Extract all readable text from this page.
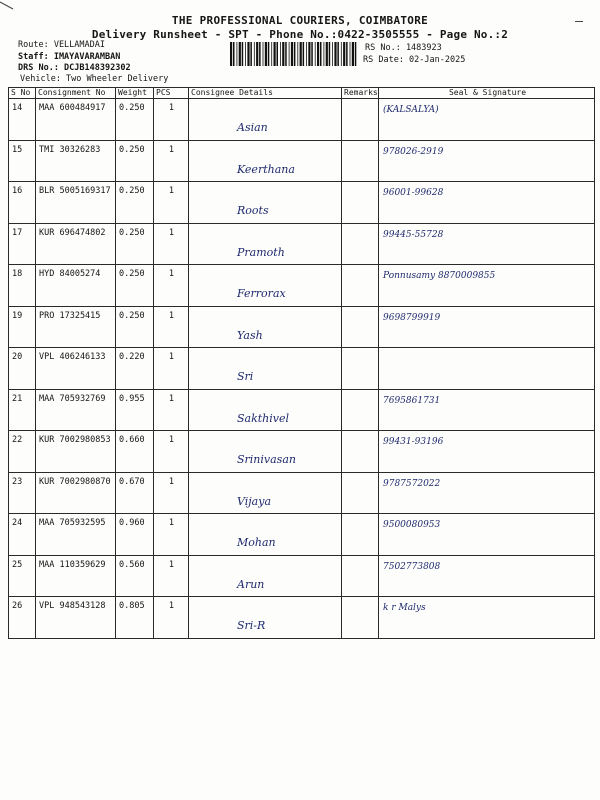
THE PROFESSIONAL COURIERS, COIMBATORE
Delivery Runsheet - SPT - Phone No.:0422-3505555 - Page No.:2
Route: VELLAMADAI
Staff: IMAYAVARAMBAN
DRS No.: DCJB148392302
Vehicle: Two Wheeler Delivery
RS No.: 1483923
RS Date: 02-Jan-2025
S No	Consignment No	Weight	PCS	Consignee Details	Remarks	Seal & Signature

14	MAA 600484917	0.250	1	Asian		(KALSALYA)

15	TMI 30326283	0.250	1	Keerthana		978026-2919

16	BLR 5005169317	0.250	1	Roots		96001-99628

17	KUR 696474802	0.250	1	Pramoth		99445-55728

18	HYD 84005274	0.250	1	Ferrorax		Ponnusamy 8870009855

19	PRO 17325415	0.250	1	Yash		9698799919

20	VPL 406246133	0.220	1	Sri		

21	MAA 705932769	0.955	1	Sakthivel		7695861731

22	KUR 7002980853	0.660	1	Srinivasan		99431-93196

23	KUR 7002980870	0.670	1	Vijaya		9787572022

24	MAA 705932595	0.960	1	Mohan		9500080953

25	MAA 110359629	0.560	1	Arun		7502773808

26	VPL 948543128	0.805	1	Sri-R		k r Malys
